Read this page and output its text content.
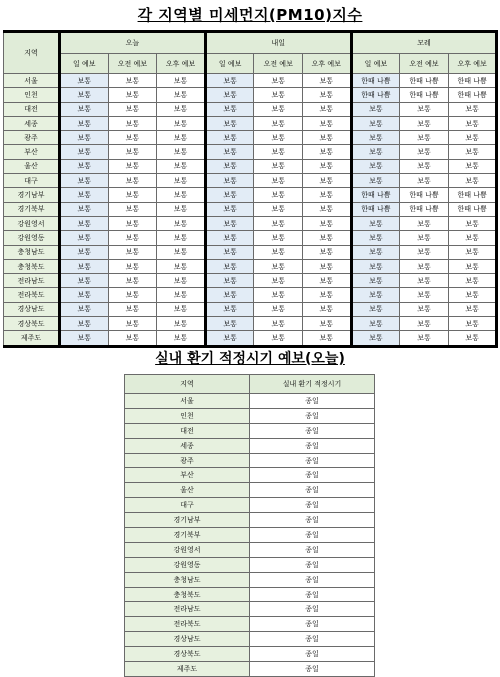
각 지역별 미세먼지(PM10)지수
지역	오늘			내일			모레		
	일 예보	오전 예보	오후 예보	일 예보	오전 예보	오후 예보	일 예보	오전 예보	오후 예보
서울	보통	보통	보통	보통	보통	보통	한때 나쁨	한때 나쁨	한때 나쁨
인천	보통	보통	보통	보통	보통	보통	한때 나쁨	한때 나쁨	한때 나쁨
대전	보통	보통	보통	보통	보통	보통	보통	보통	보통
세종	보통	보통	보통	보통	보통	보통	보통	보통	보통
광주	보통	보통	보통	보통	보통	보통	보통	보통	보통
부산	보통	보통	보통	보통	보통	보통	보통	보통	보통
울산	보통	보통	보통	보통	보통	보통	보통	보통	보통
대구	보통	보통	보통	보통	보통	보통	보통	보통	보통
경기남부	보통	보통	보통	보통	보통	보통	한때 나쁨	한때 나쁨	한때 나쁨
경기북부	보통	보통	보통	보통	보통	보통	한때 나쁨	한때 나쁨	한때 나쁨
강원영서	보통	보통	보통	보통	보통	보통	보통	보통	보통
강원영동	보통	보통	보통	보통	보통	보통	보통	보통	보통
충청남도	보통	보통	보통	보통	보통	보통	보통	보통	보통
충청북도	보통	보통	보통	보통	보통	보통	보통	보통	보통
전라남도	보통	보통	보통	보통	보통	보통	보통	보통	보통
전라북도	보통	보통	보통	보통	보통	보통	보통	보통	보통
경상남도	보통	보통	보통	보통	보통	보통	보통	보통	보통
경상북도	보통	보통	보통	보통	보통	보통	보통	보통	보통
제주도	보통	보통	보통	보통	보통	보통	보통	보통	보통
실내 환기 적정시기 예보(오늘)
지역	실내 환기 적정시기
서울	종일
인천	종일
대전	종일
세종	종일
광주	종일
부산	종일
울산	종일
대구	종일
경기남부	종일
경기북부	종일
강원영서	종일
강원영동	종일
충청남도	종일
충청북도	종일
전라남도	종일
전라북도	종일
경상남도	종일
경상북도	종일
제주도	종일
